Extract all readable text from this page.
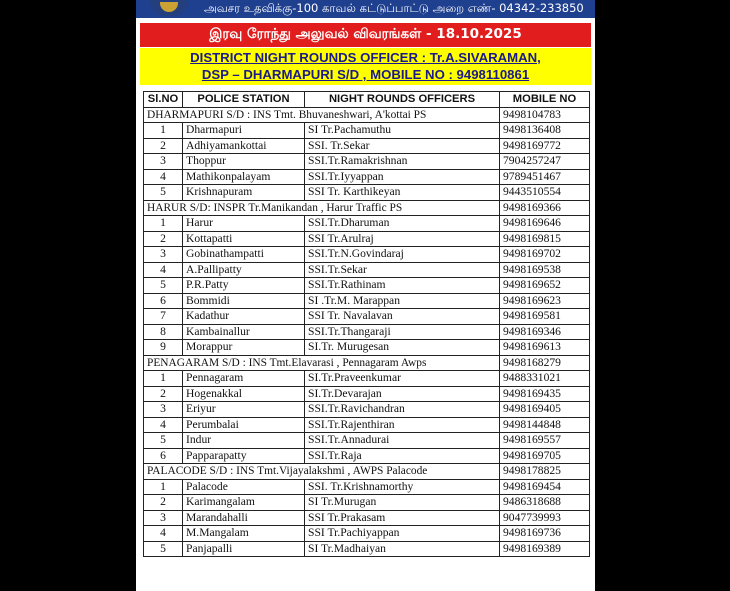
அவசர உதவிக்கு-100 காவல் கட்டுப்பாட்டு அறை எண்- 04342-233850
இரவு ரோந்து அலுவல் விவரங்கள் - 18.10.2025
DISTRICT NIGHT ROUNDS OFFICER : Tr.A.SIVARAMAN,
DSP – DHARMAPURI S/D , MOBILE NO : 9498110861
Sl.NO	POLICE STATION	NIGHT ROUNDS OFFICERS	MOBILE NO
DHARMAPURI S/D : INS Tmt. Bhuvaneshwari, A'kottai PS			9498104783
1	Dharmapuri	SI Tr.Pachamuthu	9498136408
2	Adhiyamankottai	SSI. Tr.Sekar	9498169772
3	Thoppur	SSI.Tr.Ramakrishnan	7904257247
4	Mathikonpalayam	SSI.Tr.Iyyappan	9789451467
5	Krishnapuram	SSI Tr. Karthikeyan	9443510554
HARUR S/D: INSPR Tr.Manikandan , Harur Traffic PS			9498169366
1	Harur	SSI.Tr.Dharuman	9498169646
2	Kottapatti	SSI Tr.Arulraj	9498169815
3	Gobinathampatti	SSI.Tr.N.Govindaraj	9498169702
4	A.Pallipatty	SSI.Tr.Sekar	9498169538
5	P.R.Patty	SSI.Tr.Rathinam	9498169652
6	Bommidi	SI .Tr.M. Marappan	9498169623
7	Kadathur	SSI Tr. Navalavan	9498169581
8	Kambainallur	SSI.Tr.Thangaraji	9498169346
9	Morappur	SI.Tr. Murugesan	9498169613
PENAGARAM S/D : INS Tmt.Elavarasi , Pennagaram Awps			9498168279
1	Pennagaram	SI.Tr.Praveenkumar	9488331021
2	Hogenakkal	SI.Tr.Devarajan	9498169435
3	Eriyur	SSI.Tr.Ravichandran	9498169405
4	Perumbalai	SSI.Tr.Rajenthiran	9498144848
5	Indur	SSI.Tr.Annadurai	9498169557
6	Papparapatty	SSI.Tr.Raja	9498169705
PALACODE S/D : INS Tmt.Vijayalakshmi , AWPS Palacode			9498178825
1	Palacode	SSI. Tr.Krishnamorthy	9498169454
2	Karimangalam	SI Tr.Murugan	9486318688
3	Marandahalli	SSI Tr.Prakasam	9047739993
4	M.Mangalam	SSI Tr.Pachiyappan	9498169736
5	Panjapalli	SI Tr.Madhaiyan	9498169389
